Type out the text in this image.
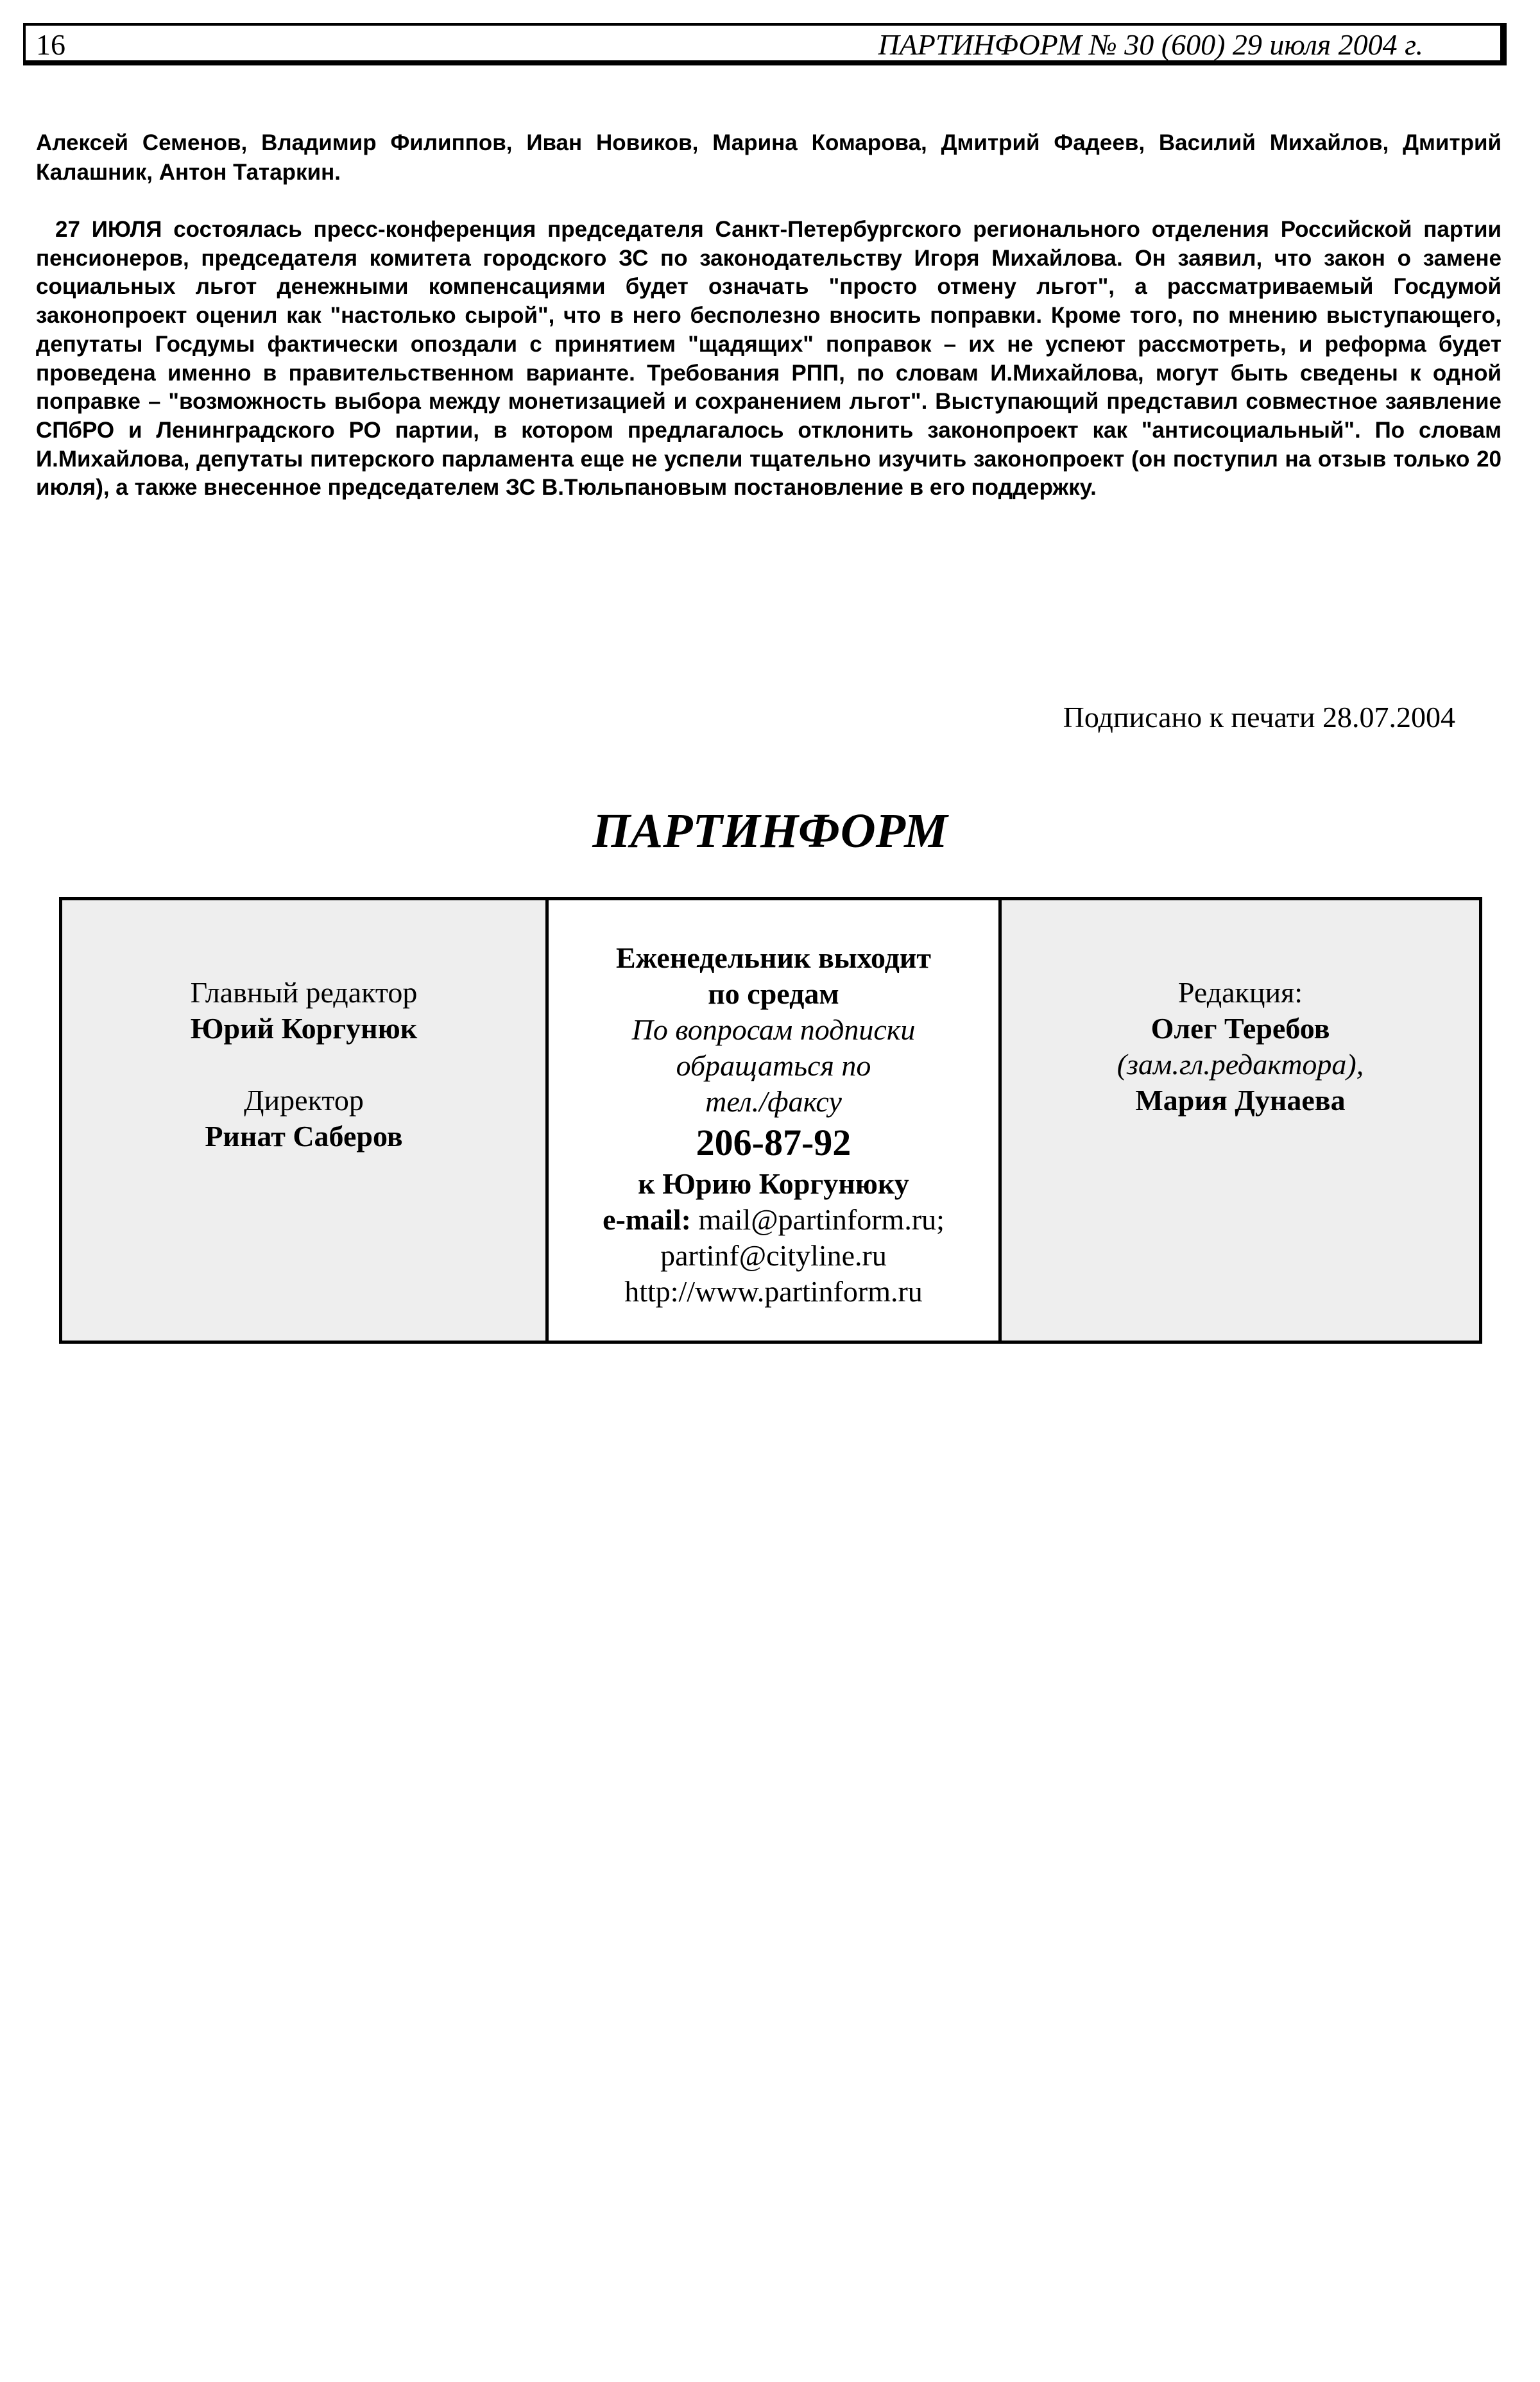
16	ПАРТИНФОРМ № 30 (600) 29 июля 2004 г.

Алексей Семенов, Владимир Филиппов, Иван Новиков, Марина Комарова, Дмитрий Фадеев, Василий Михайлов, Дмитрий Калашник, Антон Татаркин.

27 ИЮЛЯ состоялась пресс-конференция председателя Санкт-Петербургского регионального отделения Российской партии пенсионеров, председателя комитета городского ЗС по законодательству Игоря Михайлова. Он заявил, что закон о замене социальных льгот денежными компенсациями будет означать "просто отмену льгот", а рассматриваемый Госдумой законопроект оценил как "настолько сырой", что в него бесполезно вносить поправки. Кроме того, по мнению выступающего, депутаты Госдумы фактически опоздали с принятием "щадящих" поправок – их не успеют рассмотреть, и реформа будет проведена именно в правительственном варианте. Требования РПП, по словам И.Михайлова, могут быть сведены к одной поправке – "возможность выбора между монетизацией и сохранением льгот". Выступающий представил совместное заявление СПбРО и Ленинградского РО партии, в котором предлагалось отклонить законопроект как "антисоциальный". По словам И.Михайлова, депутаты питерского парламента еще не успели тщательно изучить законопроект (он поступил на отзыв только 20 июля), а также внесенное председателем ЗС В.Тюльпановым постановление в его поддержку.

Подписано к печати 28.07.2004
ПАРТИНФОРМ
Главный редактор
Юрий Коргунюк
Директор
Ринат Саберов
Еженедельник выходит
по средам
По вопросам подписки
обращаться по
тел./факсу
206-87-92
к Юрию Коргунюку
e-mail: mail@partinform.ru;
partinf@cityline.ru
http://www.partinform.ru
Редакция:
Олег Теребов
(зам.гл.редактора),
Мария Дунаева
